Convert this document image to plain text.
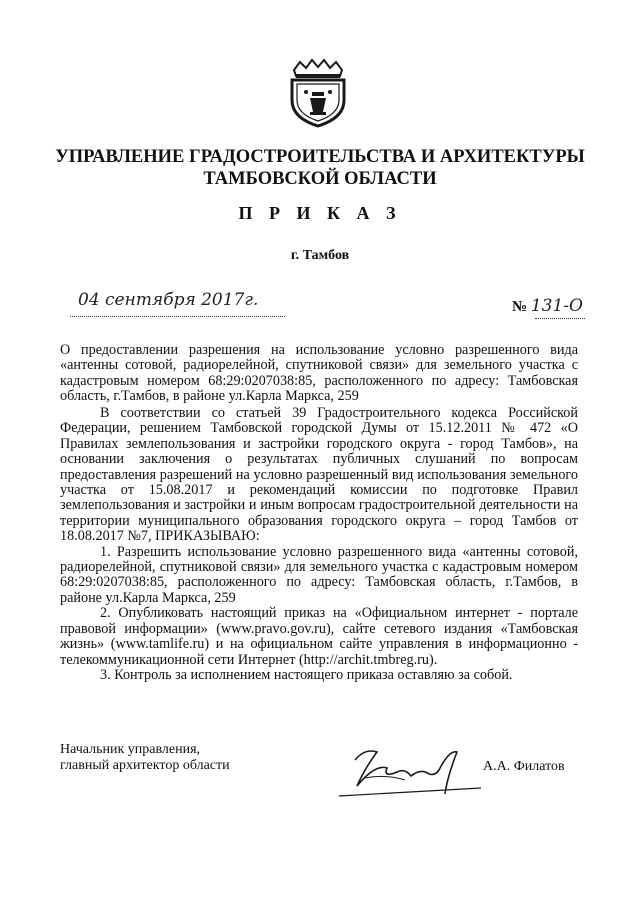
УПРАВЛЕНИЕ ГРАДОСТРОИТЕЛЬСТВА И АРХИТЕКТУРЫ
ТАМБОВСКОЙ ОБЛАСТИ
П Р И К А З
г. Тамбов
04 сентября 2017г.	№ 131-О

О предоставлении разрешения на использование условно разрешенного вида «антенны сотовой, радиорелейной, спутниковой связи» для земельного участка с кадастровым номером 68:29:0207038:85, расположенного по адресу: Тамбовская область, г.Тамбов, в районе ул.Карла Маркса, 259

В соответствии со статьей 39 Градостроительного кодекса Российской Федерации, решением Тамбовской городской Думы от 15.12.2011 № 472 «О Правилах землепользования и застройки городского округа - город Тамбов», на основании заключения о результатах публичных слушаний по вопросам предоставления разрешений на условно разрешенный вид использования земельного участка от 15.08.2017 и рекомендаций комиссии по подготовке Правил землепользования и застройки и иным вопросам градостроительной деятельности на территории муниципального образования городского округа – город Тамбов от 18.08.2017 №7, ПРИКАЗЫВАЮ:

1. Разрешить использование условно разрешенного вида «антенны сотовой, радиорелейной, спутниковой связи» для земельного участка с кадастровым номером 68:29:0207038:85, расположенного по адресу: Тамбовская область, г.Тамбов, в районе ул.Карла Маркса, 259

2. Опубликовать настоящий приказ на «Официальном интернет - портале правовой информации» (www.pravo.gov.ru), сайте сетевого издания «Тамбовская жизнь» (www.tamlife.ru) и на официальном сайте управления в информационно - телекоммуникационной сети Интернет (http://archit.tmbreg.ru).

3. Контроль за исполнением настоящего приказа оставляю за собой.

Начальник управления,
главный архитектор области	А.А. Филатов
